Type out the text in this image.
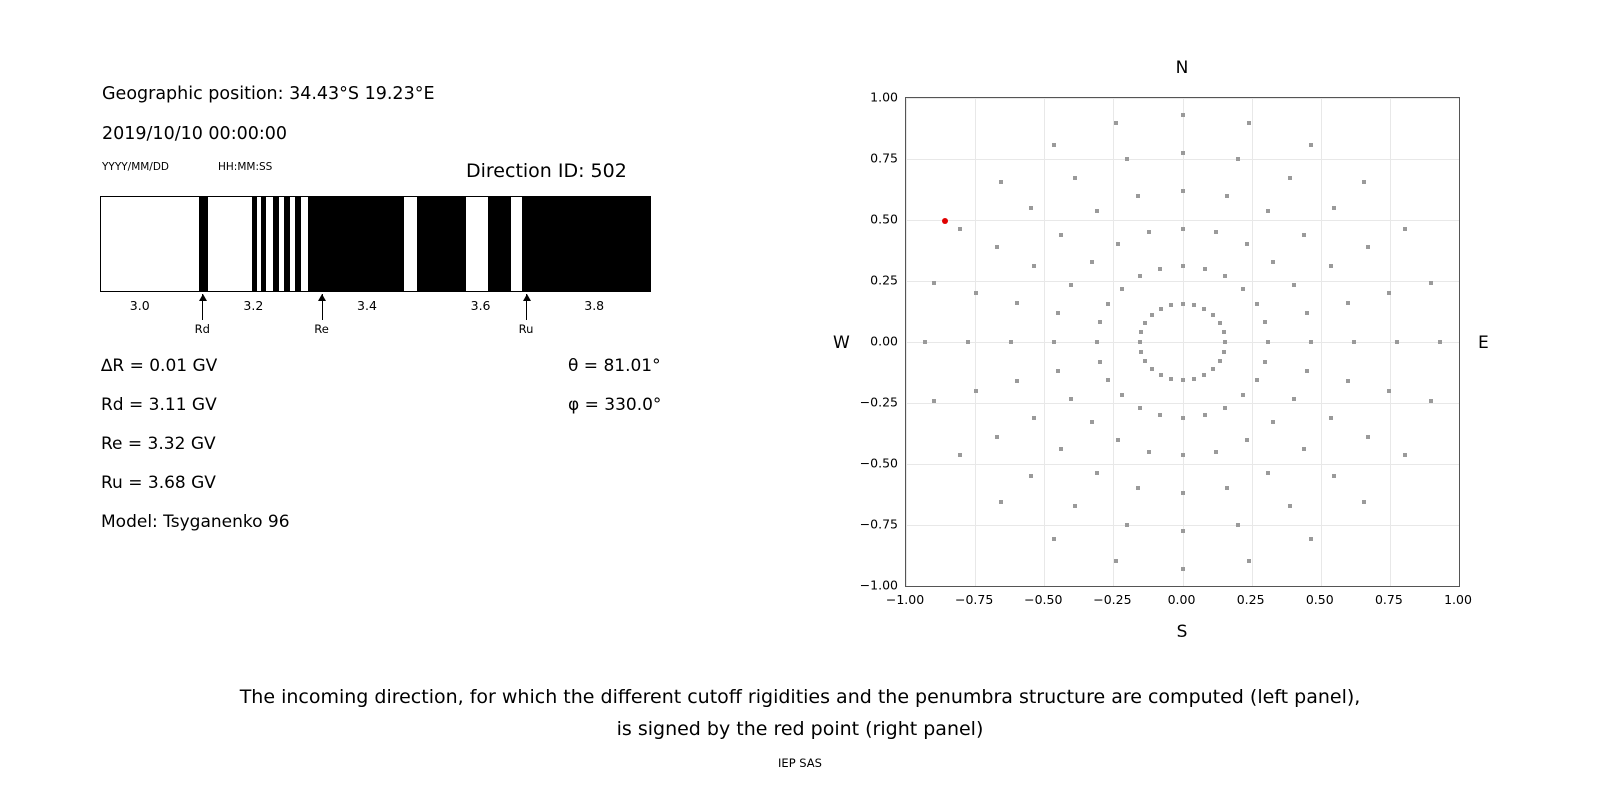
Geographic position: 34.43°S 19.23°E
2019/10/10 00:00:00
YYYY/MM/DD	HH:MM:SS	Direction ID: 502
3.0	3.2	3.4	3.6	3.8
Rd	Re	Ru
∆R = 0.01 GV
Rd = 3.11 GV
Re = 3.32 GV
Ru = 3.68 GV
Model: Tsyganenko 96
θ = 81.01°
φ = 330.0°
N
S
W	E
−1.00 −0.75 −0.50 −0.25	0.00	0.25	0.50	0.75	1.00
−1.00
−0.75
−0.50
−0.25
0.00
0.25
0.50
0.75
1.00
The incoming direction, for which the different cutoff rigidities and the penumbra structure are computed (left panel),
is signed by the red point (right panel)
IEP SAS
